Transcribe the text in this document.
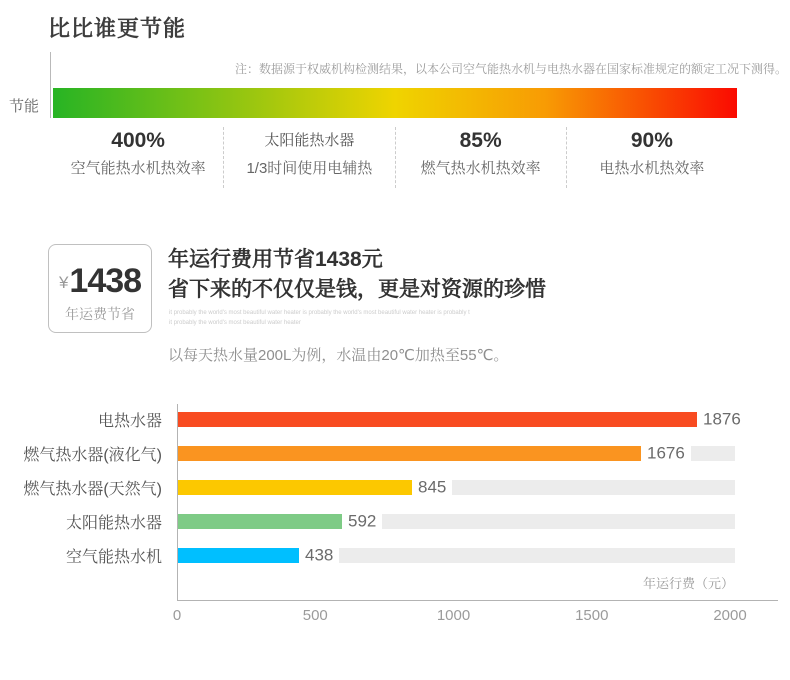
比比谁更节能
注：数据源于权威机构检测结果，以本公司空气能热水机与电热水器在国家标准规定的额定工况下测得。
节能
400%
空气能热水机热效率
太阳能热水器
1/3时间使用电辅热
85%
燃气热水机热效率
90%
电热水机热效率
¥1438
年运费节省
年运行费用节省1438元
省下来的不仅仅是钱，更是对资源的珍惜
it probably the world's most beautiful water heater is probably the world's most beautiful water heater is probably t
it probably the world's most beautiful water heater
以每天热水量200L为例，水温由20℃加热至55℃。
电热水器	1876
燃气热水器(液化气)	1676
燃气热水器(天然气)	845
太阳能热水器	592
空气能热水机	438
年运行费（元）
0	500	1000	1500	2000
